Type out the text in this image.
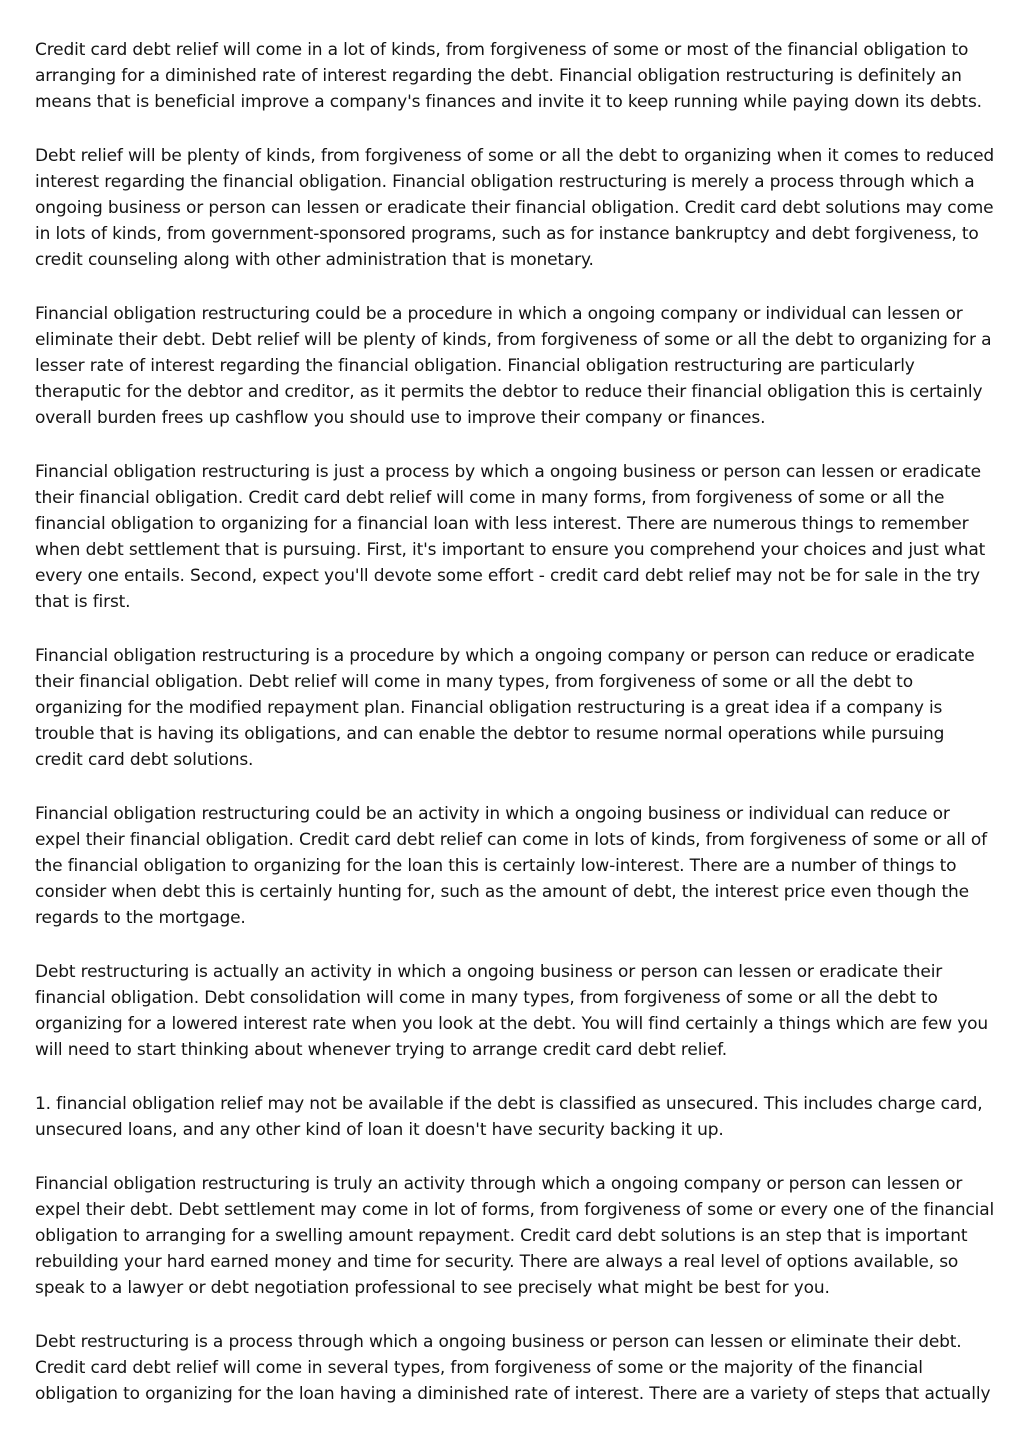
Credit card debt relief will come in a lot of kinds, from forgiveness of some or most of the financial obligation to arranging for a diminished rate of interest regarding the debt. Financial obligation restructuring is definitely an means that is beneficial improve a company's finances and invite it to keep running while paying down its debts.

Debt relief will be plenty of kinds, from forgiveness of some or all the debt to organizing when it comes to reduced interest regarding the financial obligation. Financial obligation restructuring is merely a process through which a ongoing business or person can lessen or eradicate their financial obligation. Credit card debt solutions may come in lots of kinds, from government-sponsored programs, such as for instance bankruptcy and debt forgiveness, to credit counseling along with other administration that is monetary.

Financial obligation restructuring could be a procedure in which a ongoing company or individual can lessen or eliminate their debt. Debt relief will be plenty of kinds, from forgiveness of some or all the debt to organizing for a lesser rate of interest regarding the financial obligation. Financial obligation restructuring are particularly theraputic for the debtor and creditor, as it permits the debtor to reduce their financial obligation this is certainly overall burden frees up cashflow you should use to improve their company or finances.

Financial obligation restructuring is just a process by which a ongoing business or person can lessen or eradicate their financial obligation. Credit card debt relief will come in many forms, from forgiveness of some or all the financial obligation to organizing for a financial loan with less interest. There are numerous things to remember when debt settlement that is pursuing. First, it's important to ensure you comprehend your choices and just what every one entails. Second, expect you'll devote some effort - credit card debt relief may not be for sale in the try that is first.

Financial obligation restructuring is a procedure by which a ongoing company or person can reduce or eradicate their financial obligation. Debt relief will come in many types, from forgiveness of some or all the debt to organizing for the modified repayment plan. Financial obligation restructuring is a great idea if a company is trouble that is having its obligations, and can enable the debtor to resume normal operations while pursuing credit card debt solutions.

Financial obligation restructuring could be an activity in which a ongoing business or individual can reduce or expel their financial obligation. Credit card debt relief can come in lots of kinds, from forgiveness of some or all of the financial obligation to organizing for the loan this is certainly low-interest. There are a number of things to consider when debt this is certainly hunting for, such as the amount of debt, the interest price even though the regards to the mortgage.

Debt restructuring is actually an activity in which a ongoing business or person can lessen or eradicate their financial obligation. Debt consolidation will come in many types, from forgiveness of some or all the debt to organizing for a lowered interest rate when you look at the debt. You will find certainly a things which are few you will need to start thinking about whenever trying to arrange credit card debt relief.

1. financial obligation relief may not be available if the debt is classified as unsecured. This includes charge card, unsecured loans, and any other kind of loan it doesn't have security backing it up.

Financial obligation restructuring is truly an activity through which a ongoing company or person can lessen or expel their debt. Debt settlement may come in lot of forms, from forgiveness of some or every one of the financial obligation to arranging for a swelling amount repayment. Credit card debt solutions is an step that is important rebuilding your hard earned money and time for security. There are always a real level of options available, so speak to a lawyer or debt negotiation professional to see precisely what might be best for you.

Debt restructuring is a process through which a ongoing business or person can lessen or eliminate their debt. Credit card debt relief will come in several types, from forgiveness of some or the majority of the financial obligation to organizing for the loan having a diminished rate of interest. There are a variety of steps that actually
